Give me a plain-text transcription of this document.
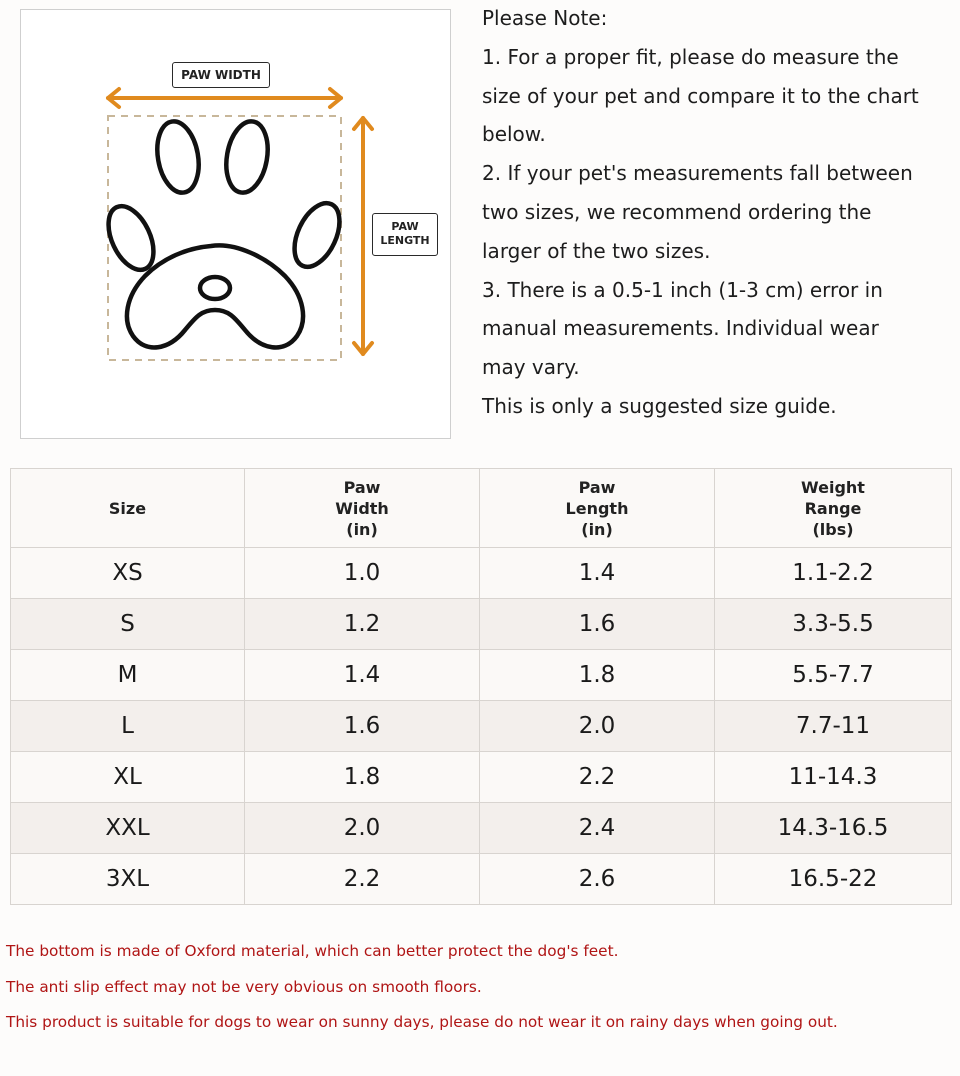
PAW WIDTH
PAW
LENGTH
Please Note:
1. For a proper fit, please do measure the
size of your pet and compare it to the chart
below.
2. If your pet's measurements fall between
two sizes, we recommend ordering the
larger of the two sizes.
3. There is a 0.5-1 inch (1-3 cm) error in
manual measurements. Individual wear
may vary.
This is only a suggested size guide.
Size	Paw
Width
(in)	Paw
Length
(in)	Weight
Range
(lbs)

XS	1.0	1.4	1.1-2.2
S	1.2	1.6	3.3-5.5
M	1.4	1.8	5.5-7.7
L	1.6	2.0	7.7-11
XL	1.8	2.2	11-14.3
XXL	2.0	2.4	14.3-16.5
3XL	2.2	2.6	16.5-22
The bottom is made of Oxford material, which can better protect the dog's feet.
The anti slip effect may not be very obvious on smooth floors.
This product is suitable for dogs to wear on sunny days, please do not wear it on rainy days when going out.
